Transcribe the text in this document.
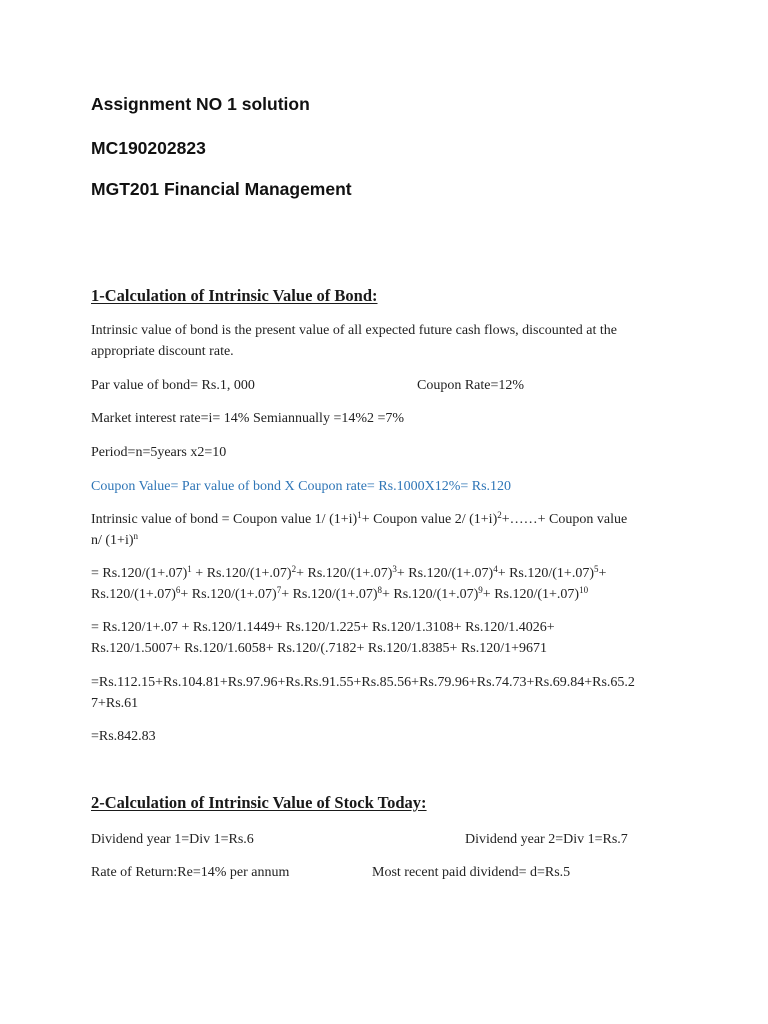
Assignment NO 1 solution
MC190202823
MGT201 Financial Management
1-Calculation of Intrinsic Value of Bond:
Intrinsic value of bond is the present value of all expected future cash flows, discounted at the
appropriate discount rate.
Par value of bond= Rs.1, 000	Coupon Rate=12%
Market interest rate=i= 14% Semiannually =14%2 =7%
Period=n=5years x2=10
Coupon Value= Par value of bond X Coupon rate= Rs.1000X12%= Rs.120
Intrinsic value of bond = Coupon value 1/ $(1+i)^1+$ Coupon value 2/ $(1+i)^2+\dots\dots+$ Coupon value
n/ $(1+i)^n$
= $Rs.120/(1+.07)^1 + Rs.120/(1+.07)^2+ Rs.120/(1+.07)^3+ Rs.120/(1+.07)^4+ Rs.120/(1+.07)^5+$
$Rs.120/(1+.07)^6+ Rs.120/(1+.07)^7+ Rs.120/(1+.07)^8+ Rs.120/(1+.07)^9+ Rs.120/(1+.07)^{10}$
= Rs.120/1+.07 + Rs.120/1.1449+ Rs.120/1.225+ Rs.120/1.3108+ Rs.120/1.4026+
Rs.120/1.5007+ Rs.120/1.6058+ Rs.120/(.7182+ Rs.120/1.8385+ Rs.120/1+9671
=Rs.112.15+Rs.104.81+Rs.97.96+Rs.Rs.91.55+Rs.85.56+Rs.79.96+Rs.74.73+Rs.69.84+Rs.65.2
7+Rs.61
=Rs.842.83
2-Calculation of Intrinsic Value of Stock Today:
Dividend year 1=Div 1=Rs.6	Dividend year 2=Div 1=Rs.7
Rate of Return:Re=14% per annum	Most recent paid dividend= d=Rs.5
